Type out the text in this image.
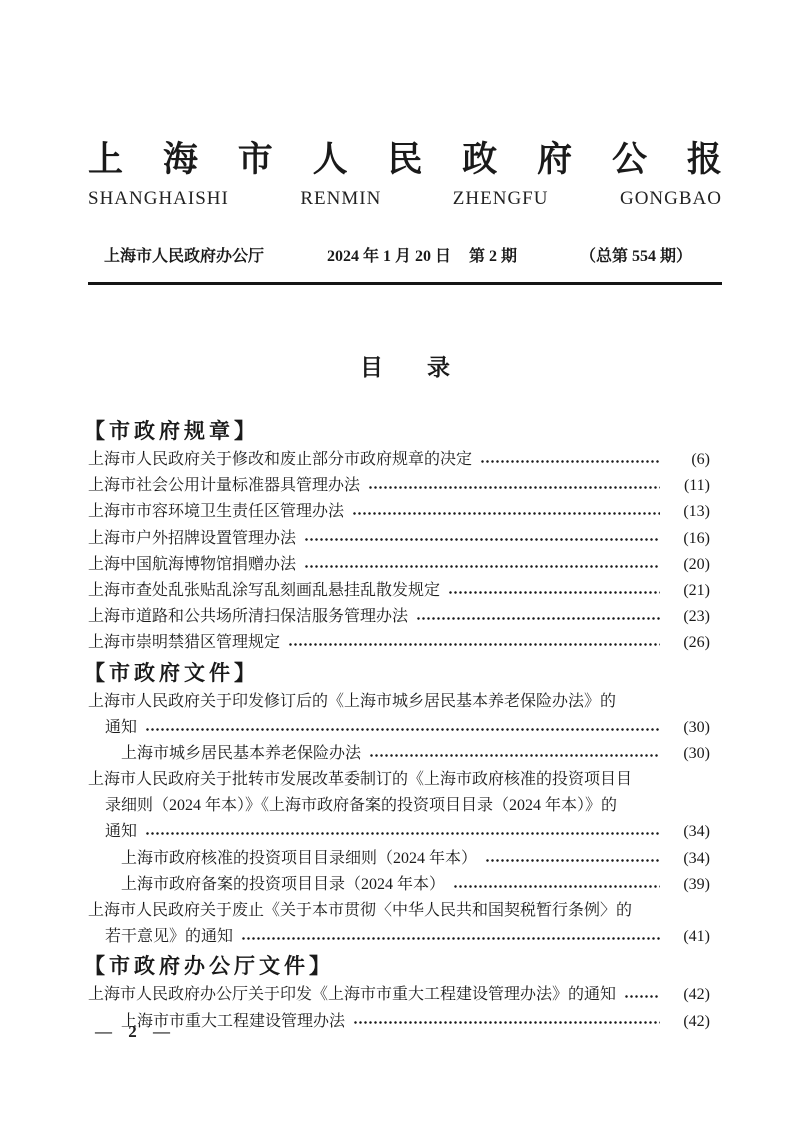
上 海 市 人 民 政 府 公 报
SHANGHAISHI	RENMIN	ZHENGFU	GONGBAO
上海市人民政府办公厅	2024 年 1 月 20 日 第 2 期	（总第 554 期）
目 录
【市政府规章】
上海市人民政府关于修改和废止部分市政府规章的决定	(6)
上海市社会公用计量标准器具管理办法	(11)
上海市市容环境卫生责任区管理办法	(13)
上海市户外招牌设置管理办法	(16)
上海中国航海博物馆捐赠办法	(20)
上海市查处乱张贴乱涂写乱刻画乱悬挂乱散发规定	(21)
上海市道路和公共场所清扫保洁服务管理办法	(23)
上海市崇明禁猎区管理规定	(26)
【市政府文件】
上海市人民政府关于印发修订后的《上海市城乡居民基本养老保险办法》的
通知	(30)
上海市城乡居民基本养老保险办法	(30)
上海市人民政府关于批转市发展改革委制订的《上海市政府核准的投资项目目
录细则（2024 年本）》《上海市政府备案的投资项目目录（2024 年本）》的
通知	(34)
上海市政府核准的投资项目目录细则（2024 年本）	(34)
上海市政府备案的投资项目目录（2024 年本）	(39)
上海市人民政府关于废止《关于本市贯彻〈中华人民共和国契税暂行条例〉的
若干意见》的通知	(41)
【市政府办公厅文件】
上海市人民政府办公厅关于印发《上海市市重大工程建设管理办法》的通知	(42)
上海市市重大工程建设管理办法	(42)
— 2 —
